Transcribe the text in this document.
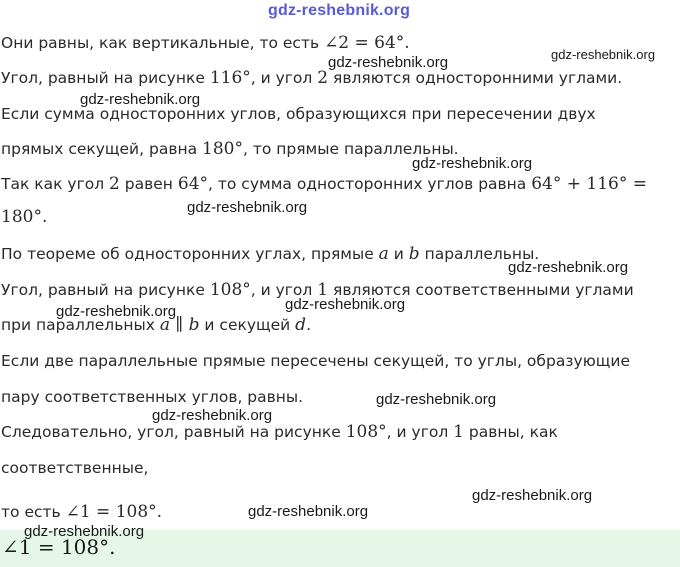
gdz-reshebnik.org
Они равны, как вертикальные, то есть ∠2 = 64°.
Угол, равный на рисунке 116°, и угол 2 являются односторонними углами.
Если сумма односторонних углов, образующихся при пересечении двух
прямых секущей, равна 180°, то прямые параллельны.
Так как угол 2 равен 64°, то сумма односторонних углов равна 64° + 116° =
180°.
По теореме об односторонних углах, прямые a и b параллельны.
Угол, равный на рисунке 108°, и угол 1 являются соответственными углами
при параллельных a ∥ b и секущей d.
Если две параллельные прямые пересечены секущей, то углы, образующие
пару соответственных углов, равны.
Следовательно, угол, равный на рисунке 108°, и угол 1 равны, как
соответственные,
то есть ∠1 = 108°.
∠1 = 108°.
gdz-reshebnik.org	gdz-reshebnik.org
gdz-reshebnik.org
gdz-reshebnik.org
gdz-reshebnik.org
gdz-reshebnik.org
gdz-reshebnik.org
gdz-reshebnik.org
gdz-reshebnik.org
gdz-reshebnik.org
gdz-reshebnik.org
gdz-reshebnik.org
gdz-reshebnik.org
